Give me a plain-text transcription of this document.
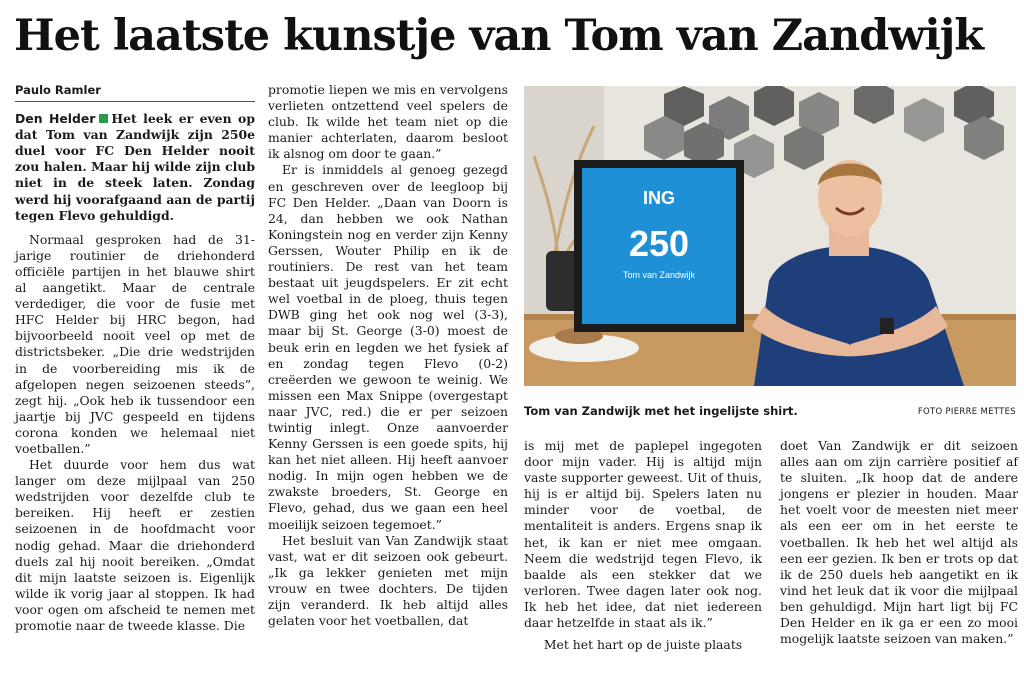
Het laatste kunstje van Tom van Zandwijk
Paulo Ramler

Den Helder Het leek er even op dat Tom van Zandwijk zijn 250e duel voor FC Den Helder nooit zou halen. Maar hij wilde zijn club niet in de steek laten. Zondag werd hij voorafgaand aan de partij tegen Flevo gehuldigd.

Normaal gesproken had de 31-jarige routinier de driehonderd officiële partijen in het blauwe shirt al aangetikt. Maar de centrale verdediger, die voor de fusie met HFC Helder bij HRC begon, had bijvoorbeeld nooit veel op met de districtsbeker. „Die drie wedstrijden in de voorbereiding mis ik de afgelopen negen seizoenen steeds”, zegt hij. „Ook heb ik tussendoor een jaartje bij JVC gespeeld en tijdens corona konden we helemaal niet voetballen.”

Het duurde voor hem dus wat langer om deze mijlpaal van 250 wedstrijden voor dezelfde club te bereiken. Hij heeft er zestien seizoenen in de hoofdmacht voor nodig gehad. Maar die driehonderd duels zal hij nooit bereiken. „Omdat dit mijn laatste seizoen is. Eigenlijk wilde ik vorig jaar al stoppen. Ik had voor ogen om afscheid te nemen met promotie naar de tweede klasse. Die

promotie liepen we mis en vervolgens verlieten ontzettend veel spelers de club. Ik wilde het team niet op die manier achterlaten, daarom besloot ik alsnog om door te gaan.”

Er is inmiddels al genoeg gezegd en geschreven over de leegloop bij FC Den Helder. „Daan van Doorn is 24, dan hebben we ook Nathan Koningstein nog en verder zijn Kenny Gerssen, Wouter Philip en ik de routiniers. De rest van het team bestaat uit jeugdspelers. Er zit echt wel voetbal in de ploeg, thuis tegen DWB ging het ook nog wel (3-3), maar bij St. George (3-0) moest de beuk erin en legden we het fysiek af en zondag tegen Flevo (0-2) creëerden we gewoon te weinig. We missen een Max Snippe (overgestapt naar JVC, red.) die er per seizoen twintig inlegt. Onze aanvoerder Kenny Gerssen is een goede spits, hij kan het niet alleen. Hij heeft aanvoer nodig. In mijn ogen hebben we de zwakste broeders, St. George en Flevo, gehad, dus we gaan een heel moeilijk seizoen tegemoet.”

Het besluit van Van Zandwijk staat vast, wat er dit seizoen ook gebeurt. „Ik ga lekker genieten met mijn vrouw en twee dochters. De tijden zijn veranderd. Ik heb altijd alles gelaten voor het voetballen, dat

ING
250
Tom van Zandwijk
Tom van Zandwijk met het ingelijste shirt.	FOTO PIERRE METTES

is mij met de paplepel ingegoten door mijn vader. Hij is altijd mijn vaste supporter geweest. Uit of thuis, hij is er altijd bij. Spelers laten nu minder voor de voetbal, de mentaliteit is anders. Ergens snap ik het, ik kan er niet mee omgaan. Neem die wedstrijd tegen Flevo, ik baalde als een stekker dat we verloren. Twee dagen later ook nog. Ik heb het idee, dat niet iedereen daar hetzelfde in staat als ik.”

Met het hart op de juiste plaats

doet Van Zandwijk er dit seizoen alles aan om zijn carrière positief af te sluiten. „Ik hoop dat de andere jongens er plezier in houden. Maar het voelt voor de meesten niet meer als een eer om in het eerste te voetballen. Ik heb het wel altijd als een eer gezien. Ik ben er trots op dat ik de 250 duels heb aangetikt en ik vind het leuk dat ik voor die mijlpaal ben gehuldigd. Mijn hart ligt bij FC Den Helder en ik ga er een zo mooi mogelijk laatste seizoen van maken.”
